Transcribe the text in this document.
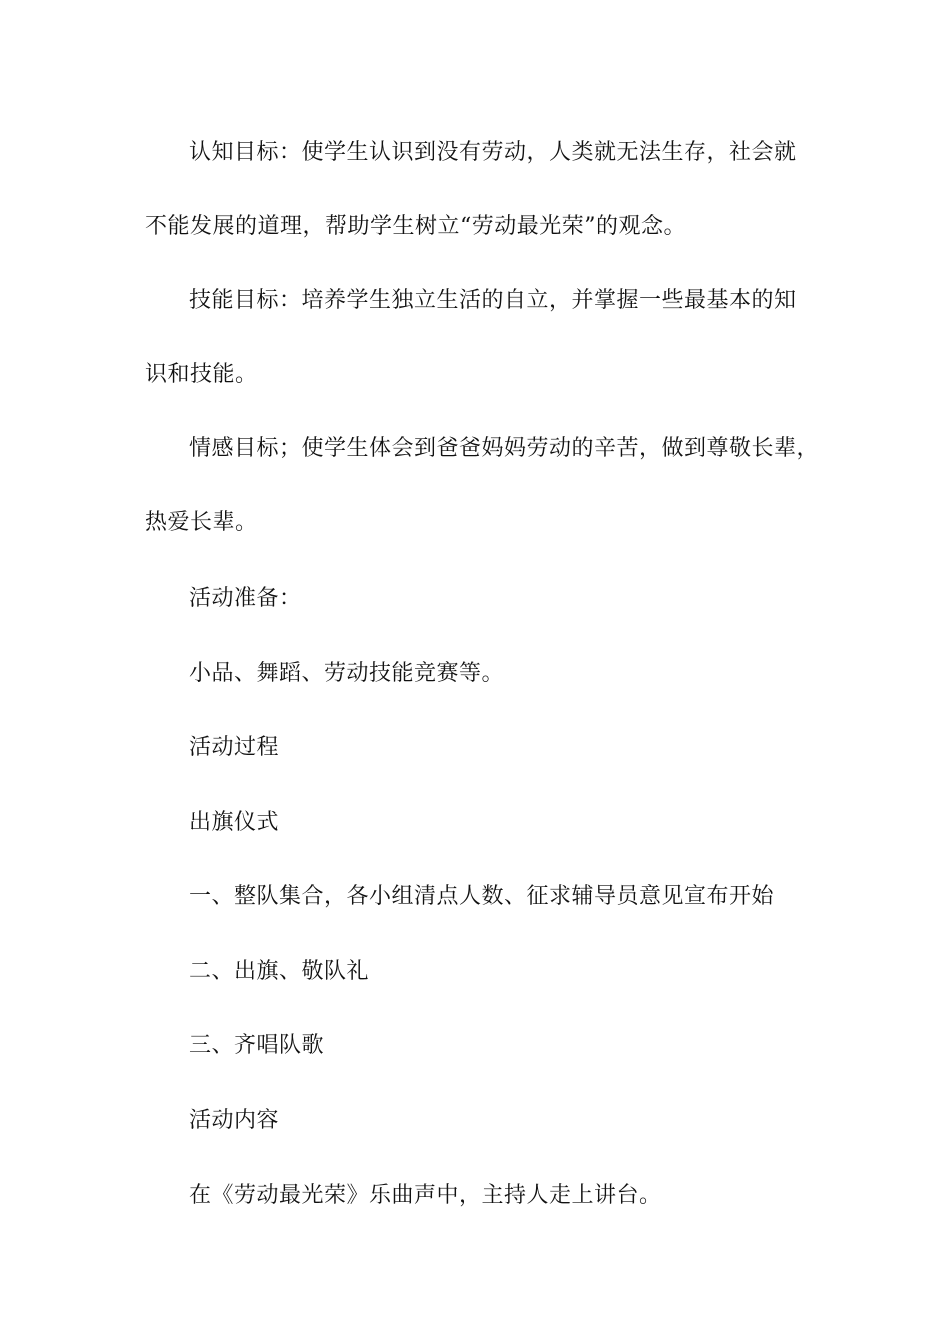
认知目标：使学生认识到没有劳动，人类就无法生存，社会就
不能发展的道理，帮助学生树立“劳动最光荣”的观念。
技能目标：培养学生独立生活的自立，并掌握一些最基本的知
识和技能。
情感目标；使学生体会到爸爸妈妈劳动的辛苦，做到尊敬长辈，
热爱长辈。
活动准备：
小品、舞蹈、劳动技能竞赛等。
活动过程
出旗仪式
一、整队集合，各小组清点人数、征求辅导员意见宣布开始
二、出旗、敬队礼
三、齐唱队歌
活动内容
在《劳动最光荣》乐曲声中，主持人走上讲台。
